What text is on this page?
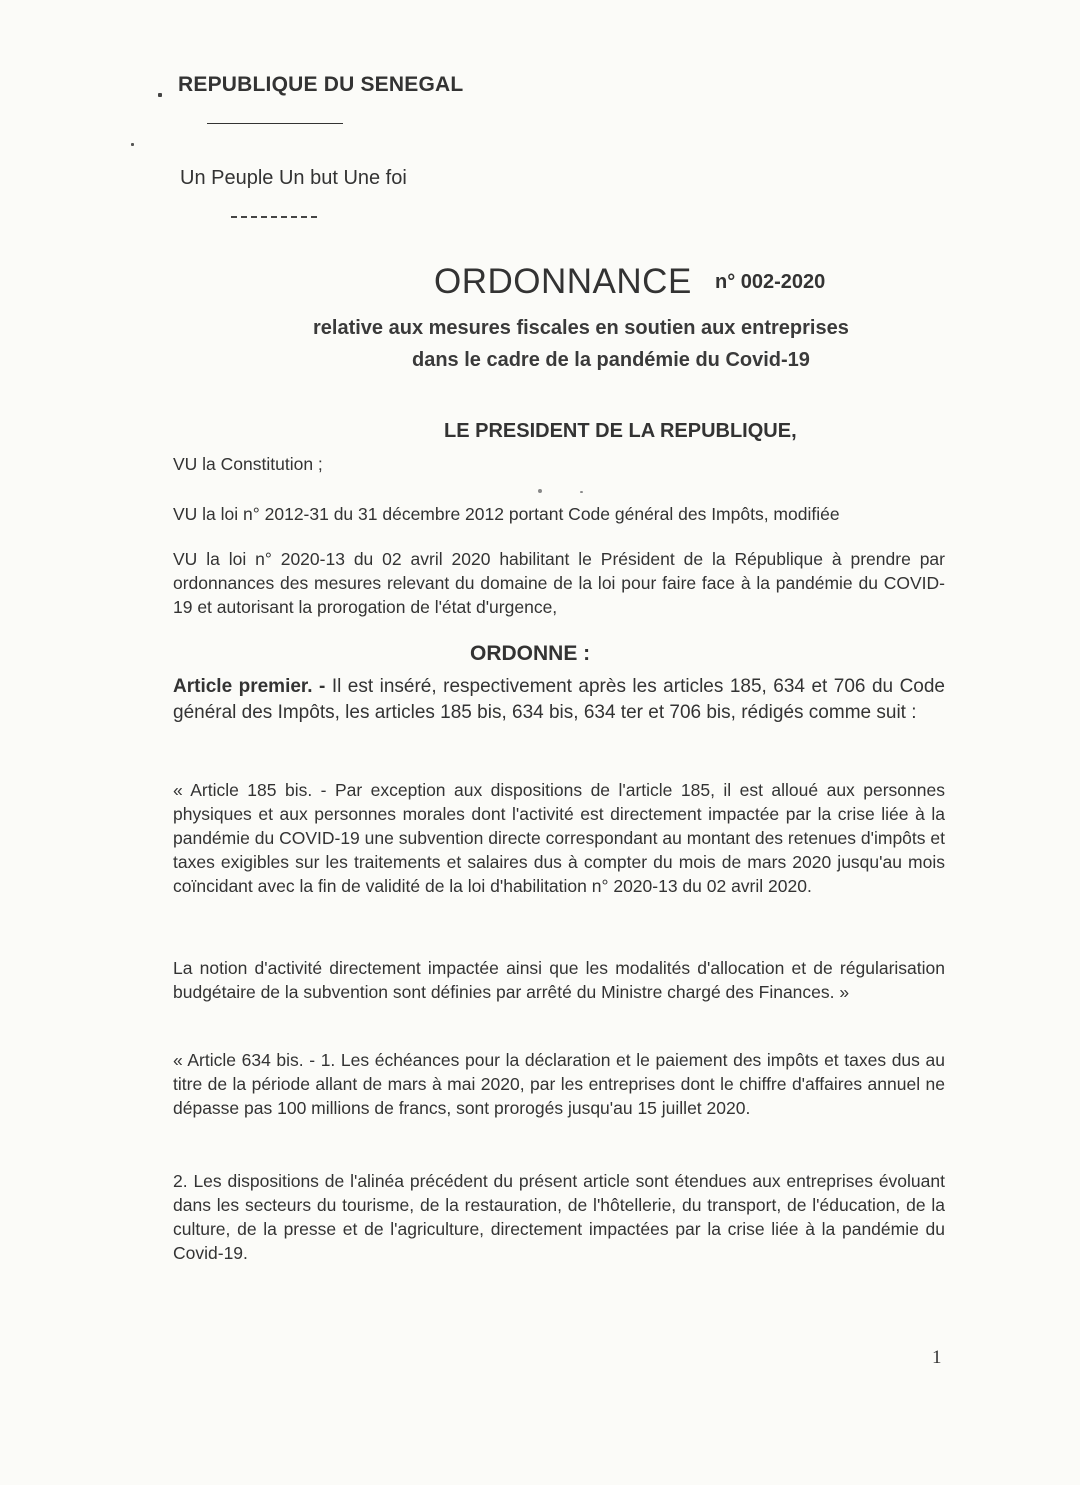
REPUBLIQUE DU SENEGAL
Un Peuple Un but Une foi
ORDONNANCE n° 002-2020
relative aux mesures fiscales en soutien aux entreprises
dans le cadre de la pandémie du Covid-19
LE PRESIDENT DE LA REPUBLIQUE,
VU la Constitution ;
VU la loi n° 2012-31 du 31 décembre 2012 portant Code général des Impôts, modifiée
VU la loi n° 2020-13 du 02 avril 2020 habilitant le Président de la République à prendre par ordonnances des mesures relevant du domaine de la loi pour faire face à la pandémie du COVID-19 et autorisant la prorogation de l'état d'urgence,
ORDONNE :
Article premier. - Il est inséré, respectivement après les articles 185, 634 et 706 du Code général des Impôts, les articles 185 bis, 634 bis, 634 ter et 706 bis, rédigés comme suit :
« Article 185 bis. - Par exception aux dispositions de l'article 185, il est alloué aux personnes physiques et aux personnes morales dont l'activité est directement impactée par la crise liée à la pandémie du COVID-19 une subvention directe correspondant au montant des retenues d'impôts et taxes exigibles sur les traitements et salaires dus à compter du mois de mars 2020 jusqu'au mois coïncidant avec la fin de validité de la loi d'habilitation n° 2020-13 du 02 avril 2020.
La notion d'activité directement impactée ainsi que les modalités d'allocation et de régularisation budgétaire de la subvention sont définies par arrêté du Ministre chargé des Finances. »
« Article 634 bis. - 1. Les échéances pour la déclaration et le paiement des impôts et taxes dus au titre de la période allant de mars à mai 2020, par les entreprises dont le chiffre d'affaires annuel ne dépasse pas 100 millions de francs, sont prorogés jusqu'au 15 juillet 2020.
2. Les dispositions de l'alinéa précédent du présent article sont étendues aux entreprises évoluant dans les secteurs du tourisme, de la restauration, de l'hôtellerie, du transport, de l'éducation, de la culture, de la presse et de l'agriculture, directement impactées par la crise liée à la pandémie du Covid-19.
1
